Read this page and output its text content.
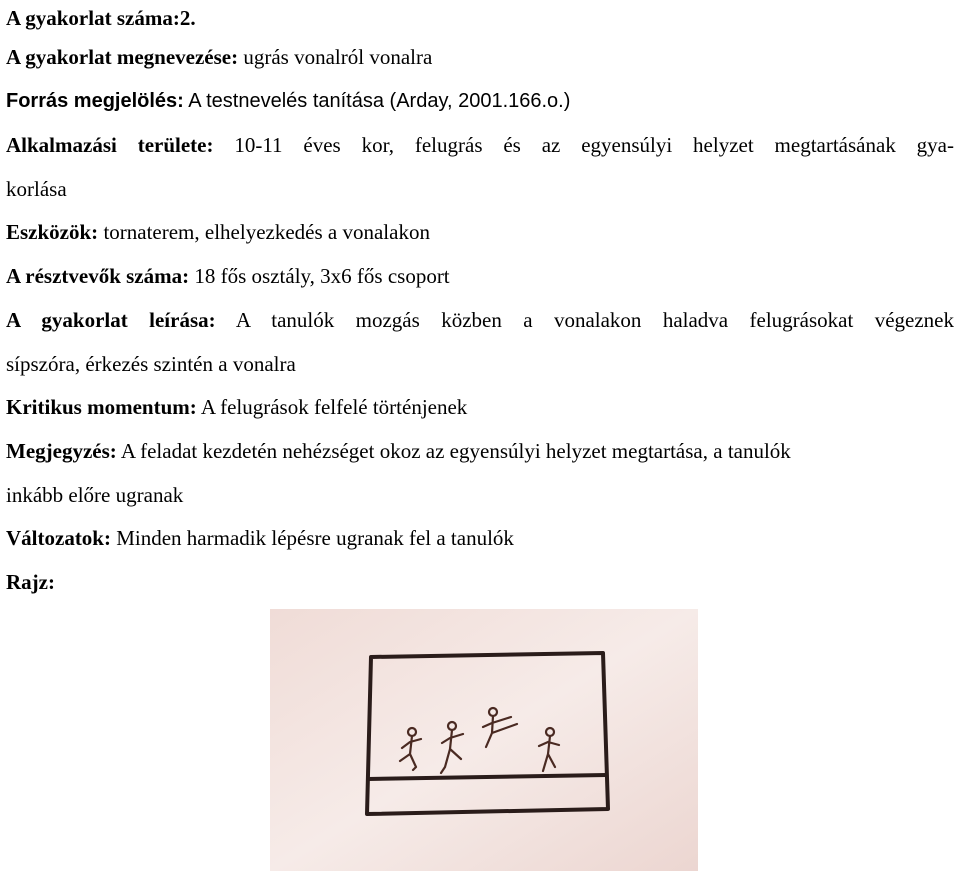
A gyakorlat száma:2.
A gyakorlat megnevezése: ugrás vonalról vonalra
Forrás megjelölés: A testnevelés tanítása (Arday, 2001.166.o.)
Alkalmazási területe: 10-11 éves kor, felugrás és az egyensúlyi helyzet megtartásának gya-
korlása
Eszközök: tornaterem, elhelyezkedés a vonalakon
A résztvevők száma: 18 fős osztály, 3x6 fős csoport
A gyakorlat leírása: A tanulók mozgás közben a vonalakon haladva felugrásokat végeznek
sípszóra, érkezés szintén a vonalra
Kritikus momentum: A felugrások felfelé történjenek
Megjegyzés: A feladat kezdetén nehézséget okoz az egyensúlyi helyzet megtartása, a tanulók
inkább előre ugranak
Változatok: Minden harmadik lépésre ugranak fel a tanulók
Rajz:
